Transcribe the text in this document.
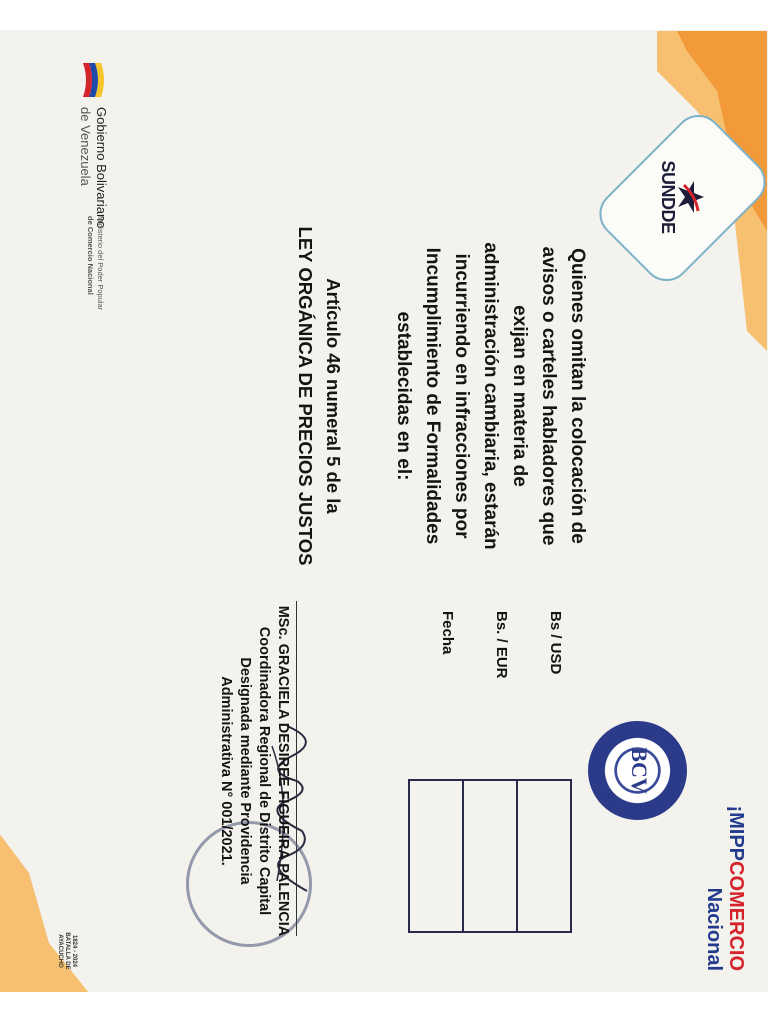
SUNDDE
¡MIPPCOMERCIO
Nacional
BCV
Quienes omitan la colocación de
avisos o carteles habladores que
exijan en materia de
administración cambiaria, estarán
incurriendo en infracciones por
Incumplimiento de Formalidades
establecidas en el:
Artículo 46 numeral 5 de la
LEY ORGÁNICA DE PRECIOS JUSTOS
Bs / USD
Bs. / EUR
Fecha
MSc. GRACIELA DESIREE FIGUEIRA PALENCIA
Coordinadora Regional de Distrito Capital
Designada mediante Providencia
Administrativa N° 001/2021.
Gobierno Bolivariano
de Venezuela
Ministerio del Poder Popular
de Comercio Nacional
1824 - 2024 BATALLA DE AYACUCHO
